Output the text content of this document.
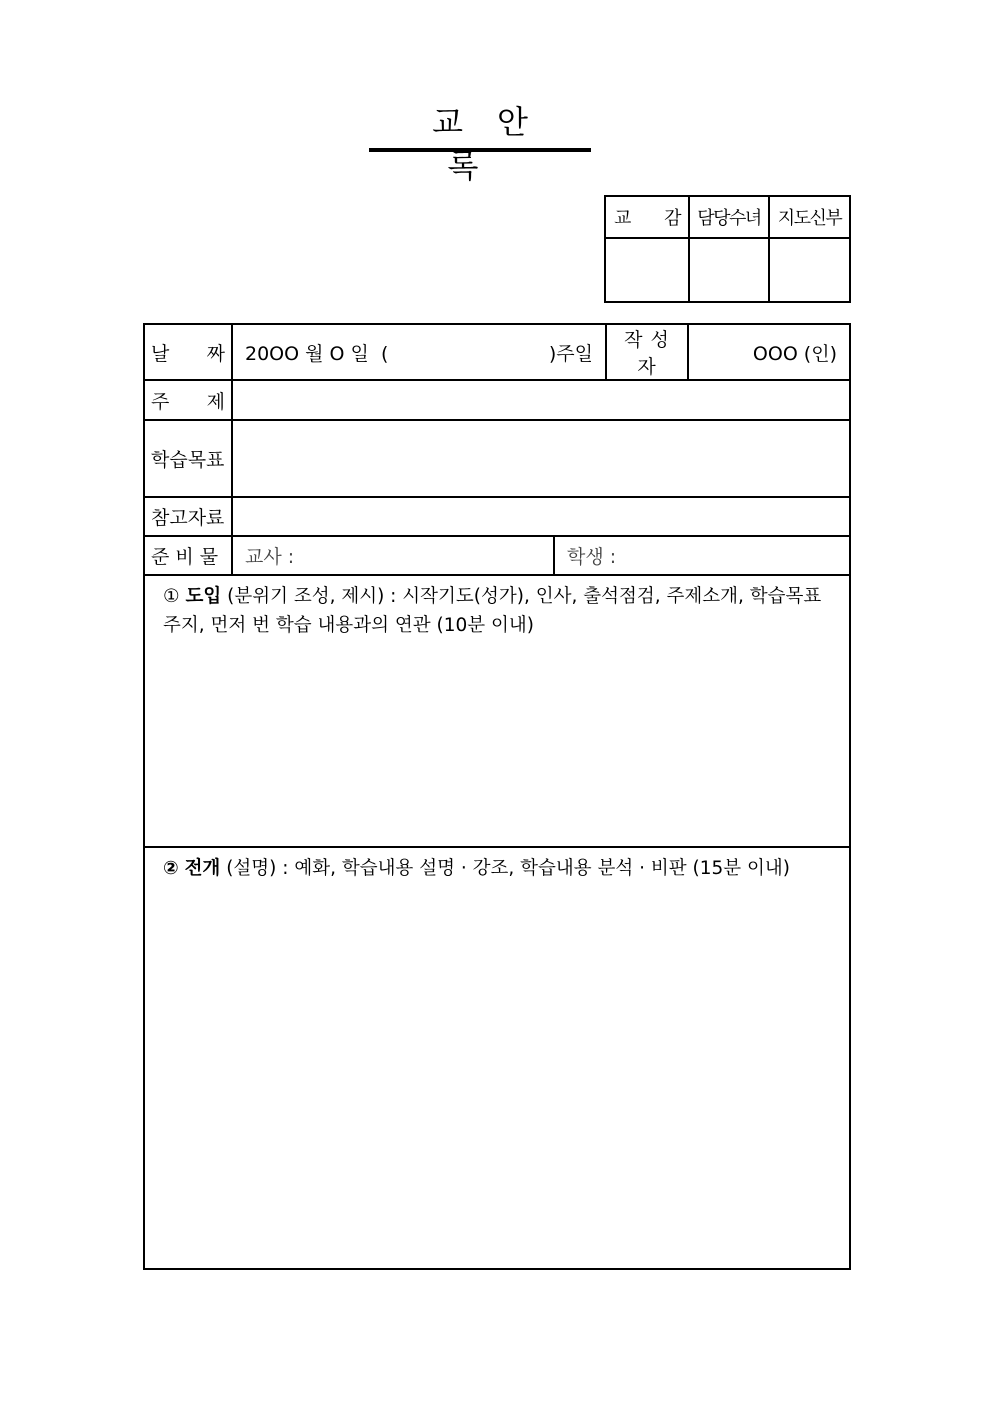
교안록
교 감	담당수녀	지도신부

날 짜	20OO 월 O 일  ( )주일		작 성 자	OOO (인)

주 제				

학습목표				
참고자료				
준 비 물	교사 :	학생 :		
① 도입 (분위기 조성, 제시) : 시작기도(성가), 인사, 출석점검, 주제소개, 학습목표 주지, 먼저 번 학습 내용과의 연관 (10분 이내)				
② 전개 (설명) : 예화, 학습내용 설명 · 강조, 학습내용 분석 · 비판 (15분 이내)				
